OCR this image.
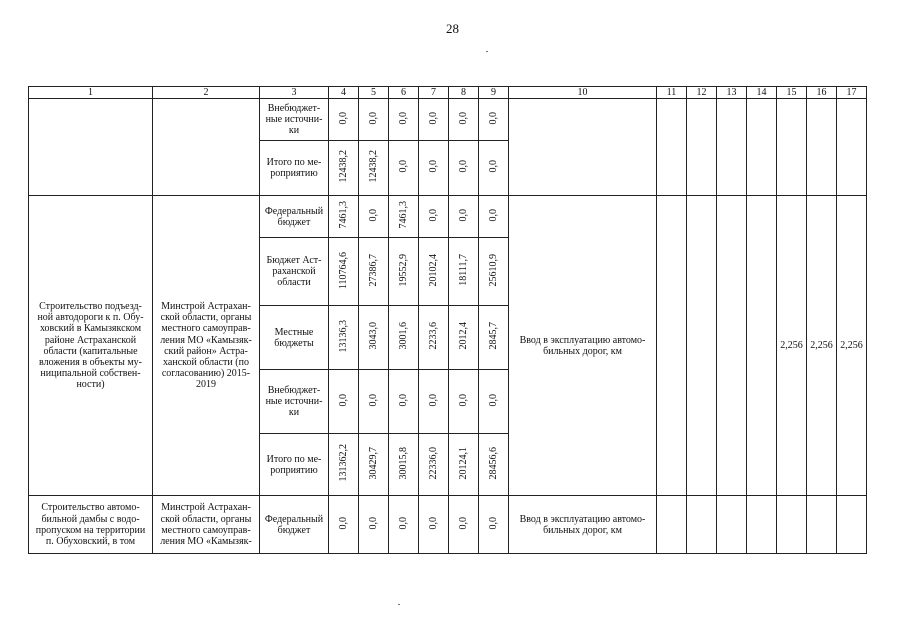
28
1	2	3	4	5	6	7	8	9	10	11	12	13	14	15	16	17
		Внебюджет-ные источни-ки	0,0	0,0	0,0	0,0	0,0	0,0								
		Итого по ме-роприятию	12438,2	12438,2	0,0	0,0	0,0	0,0								
Строительство подъезд-ной автодороги к п. Обу-ховский в Камызякском районе Астраханской области (капитальные вложения в объекты му-ниципальной собствен-ности)	Минстрой Астрахан-ской области, органы местного самоуправ-ления МО «Камызяк-ский район» Астра-ханской области (по согласованию) 2015-2019	Федеральный бюджет	7461,3	0,0	7461,3	0,0	0,0	0,0	Ввод в эксплуатацию автомо-бильных дорог, км					2,256	2,256	2,256
		Бюджет Аст-раханской области	110764,6	27386,7	19552,9	20102,4	18111,7	25610,9								
		Местные бюджеты	13136,3	3043,0	3001,6	2233,6	2012,4	2845,7								
		Внебюджет-ные источни-ки	0,0	0,0	0,0	0,0	0,0	0,0								
		Итого по ме-роприятию	131362,2	30429,7	30015,8	22336,0	20124,1	28456,6								
Строительство автомо-бильной дамбы с водо-пропуском на территории п. Обуховский, в том	Минстрой Астрахан-ской области, органы местного самоуправ-ления МО «Камызяк-	Федеральный бюджет	0,0	0,0	0,0	0,0	0,0	0,0	Ввод в эксплуатацию автомо-бильных дорог, км							
